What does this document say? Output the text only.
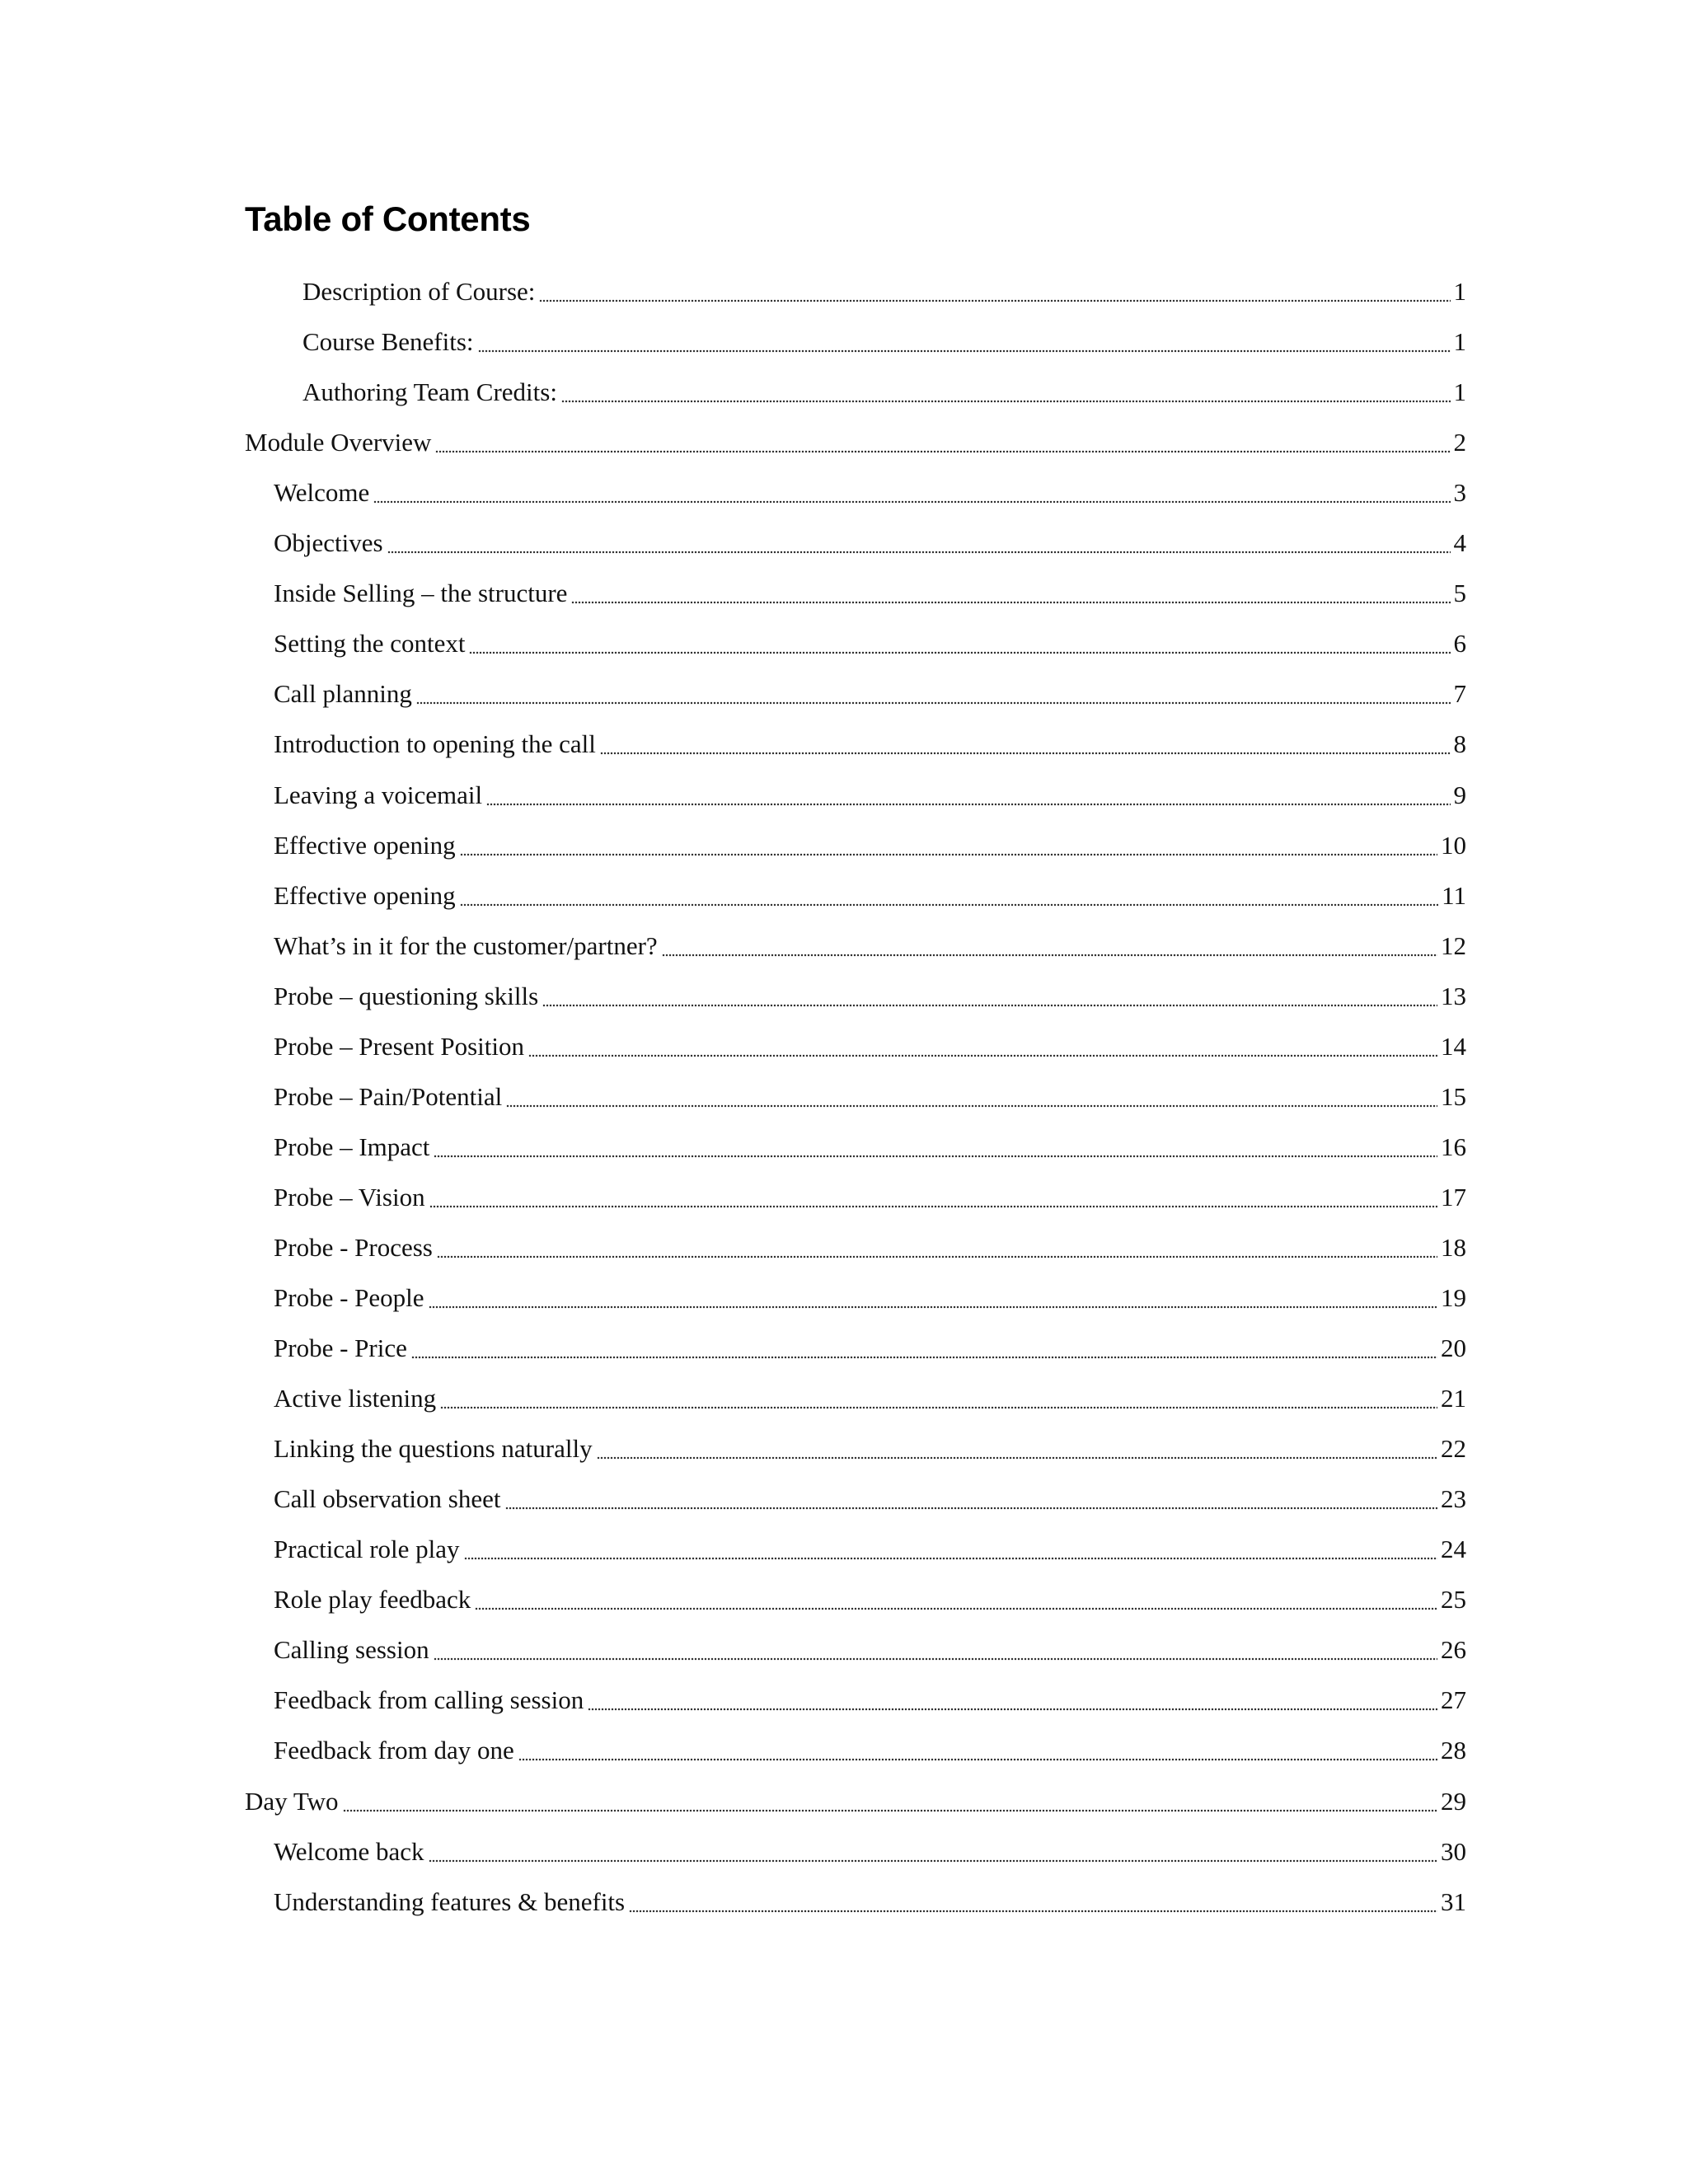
Table of Contents
Description of Course:	1
Course Benefits:	1
Authoring Team Credits:	1
Module Overview	2
Welcome	3
Objectives	4
Inside Selling – the structure	5
Setting the context	6
Call planning	7
Introduction to opening the call	8
Leaving a voicemail	9
Effective opening	10
Effective opening	11
What’s in it for the customer/partner?	12
Probe – questioning skills	13
Probe – Present Position	14
Probe – Pain/Potential	15
Probe – Impact	16
Probe – Vision	17
Probe - Process	18
Probe - People	19
Probe - Price	20
Active listening	21
Linking the questions naturally	22
Call observation sheet	23
Practical role play	24
Role play feedback	25
Calling session	26
Feedback from calling session	27
Feedback from day one	28
Day Two	29
Welcome back	30
Understanding features & benefits	31
